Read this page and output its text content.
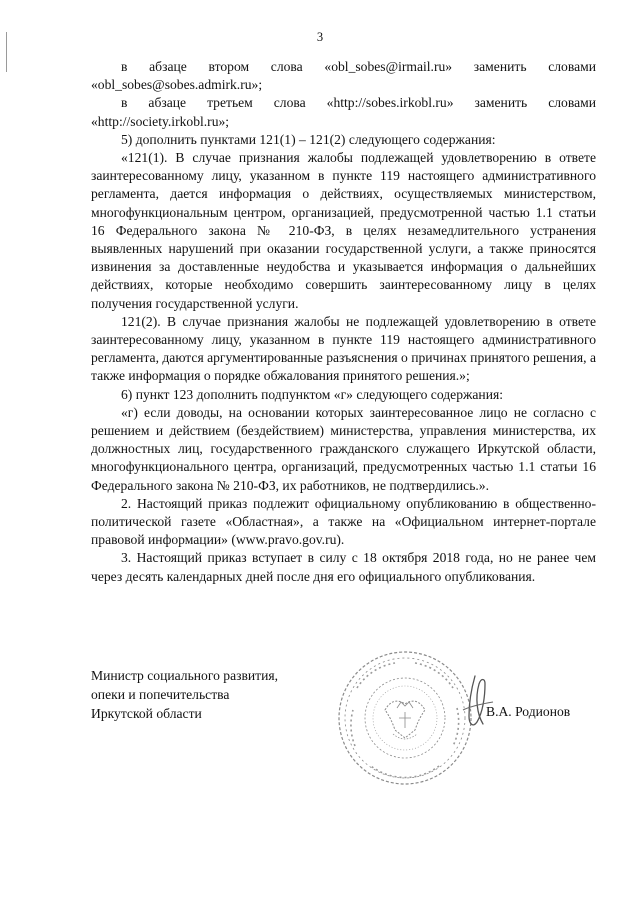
3

в абзаце втором слова «obl_sobes@irmail.ru» заменить словами «obl_sobes@sobes.admirk.ru»;

в абзаце третьем слова «http://sobes.irkobl.ru» заменить словами «http://society.irkobl.ru»;

5) дополнить пунктами 121(1) – 121(2) следующего содержания:

«121(1). В случае признания жалобы подлежащей удовлетворению в ответе заинтересованному лицу, указанном в пункте 119 настоящего административного регламента, дается информация о действиях, осуществляемых министерством, многофункциональным центром, организацией, предусмотренной частью 1.1 статьи 16 Федерального закона № 210-ФЗ, в целях незамедлительного устранения выявленных нарушений при оказании государственной услуги, а также приносятся извинения за доставленные неудобства и указывается информация о дальнейших действиях, которые необходимо совершить заинтересованному лицу в целях получения государственной услуги.

121(2). В случае признания жалобы не подлежащей удовлетворению в ответе заинтересованному лицу, указанном в пункте 119 настоящего административного регламента, даются аргументированные разъяснения о причинах принятого решения, а также информация о порядке обжалования принятого решения.»;

6) пункт 123 дополнить подпунктом «г» следующего содержания:

«г) если доводы, на основании которых заинтересованное лицо не согласно с решением и действием (бездействием) министерства, управления министерства, их должностных лиц, государственного гражданского служащего Иркутской области, многофункционального центра, организаций, предусмотренных частью 1.1 статьи 16 Федерального закона № 210-ФЗ, их работников, не подтвердились.».

2. Настоящий приказ подлежит официальному опубликованию в общественно-политической газете «Областная», а также на «Официальном интернет-портале правовой информации» (www.pravo.gov.ru).

3. Настоящий приказ вступает в силу с 18 октября 2018 года, но не ранее чем через десять календарных дней после дня его официального опубликования.

Министр социального развития,
опеки и попечительства
Иркутской области	В.А. Родионов
